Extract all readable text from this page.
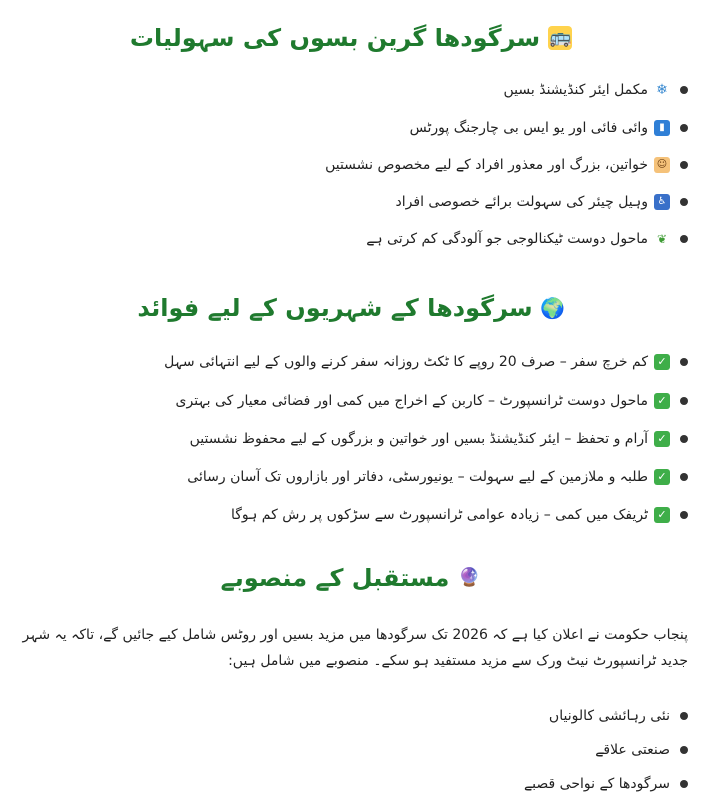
🚌
سرگودھا گرین بسوں کی سہولیات
❄
مکمل ایئر کنڈیشنڈ بسیں
▮
وائی فائی اور یو ایس بی چارجنگ پورٹس
☺
خواتین، بزرگ اور معذور افراد کے لیے مخصوص نشستیں
♿
وہیل چیئر کی سہولت برائے خصوصی افراد
❦
ماحول دوست ٹیکنالوجی جو آلودگی کم کرتی ہے
🌍
سرگودھا کے شہریوں کے لیے فوائد
✓
کم خرچ سفر – صرف 20 روپے کا ٹکٹ روزانہ سفر کرنے والوں کے لیے انتہائی سہل
✓
ماحول دوست ٹرانسپورٹ – کاربن کے اخراج میں کمی اور فضائی معیار کی بہتری
✓
آرام و تحفظ – ایئر کنڈیشنڈ بسیں اور خواتین و بزرگوں کے لیے محفوظ نشستیں
✓
طلبہ و ملازمین کے لیے سہولت – یونیورسٹی، دفاتر اور بازاروں تک آسان رسائی
✓
ٹریفک میں کمی – زیادہ عوامی ٹرانسپورٹ سے سڑکوں پر رش کم ہوگا
🔮
مستقبل کے منصوبے

پنجاب حکومت نے اعلان کیا ہے کہ 2026 تک سرگودھا میں مزید بسیں اور روٹس شامل کیے جائیں گے، تاکہ یہ شہر جدید ٹرانسپورٹ نیٹ ورک سے مزید مستفید ہو سکے۔ منصوبے میں شامل ہیں:

نئی رہائشی کالونیاں
صنعتی علاقے
سرگودھا کے نواحی قصبے
